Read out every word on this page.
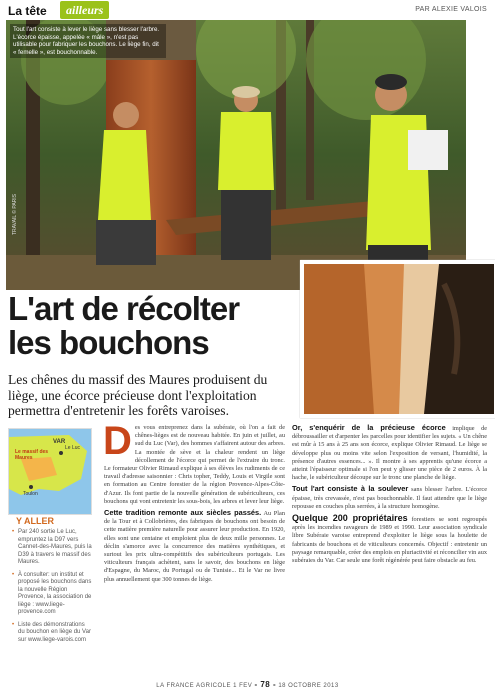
La tête	ailleurs	PAR ALEXIE VALOIS
Tout l'art consiste à lever le liège sans blesser l'arbre. L'écorce épaisse, appelée « mâle », n'est pas utilisable pour fabriquer les bouchons. Le liège fin, dit « femelle », est bouchonnable.
TRAVAIL © PARIS
L'art de récolter
les bouchons
Les chênes du massif des Maures produisent du liège, une écorce précieuse dont l'exploitation permettra d'entretenir les forêts varoises.
VAR
Le massif des Maures
Toulon
Le Luc
Y ALLER
• Par 240 sortie Le Luc, empruntez la D97 vers Cannet-des-Maures, puis la D39 à travers le massif des Maures.
• À consulter: un institut et proposé les bouchons dans la nouvelle Région Provence, la association de liège : www.liege-provence.com
• Liste des démonstrations du bouchon en liège du Var sur www.liege-varois.com

Des vous entreprenez dans la subéraie, où l'on a fait de chênes-lièges est de nouveau habitée. En juin et juillet, au sud du Luc (Var), des hommes s'affairent autour des arbres. La montée de sève et la chaleur rendent un liège décollement de l'écorce qui permet de l'extraire du tronc. Le formateur Olivier Rimaud explique à ses élèves les rudiments de ce travail d'adresse saisonnier : Chris topher, Teddy, Louis et Virgile sont en formation au Centre forestier de la région Provence-Alpes-Côte-d'Azur. Ils font partie de la nouvelle génération de subériculteurs, ces bouchons qui vont entretenir les sous-bois, les arbres et lever leur liège.

Cette tradition remonte aux siècles passés. Au Plan de la Tour et à Collobrières, des fabriques de bouchons ont besoin de cette matière première naturelle pour assurer leur production. En 1920, elles sont une centaine et emploient plus de deux mille personnes. Le déclin s'amorce avec la concurrence des matières synthétiques, et surtout les prix ultra-compétitifs des subériculteurs portugais. Les viticulteurs français achètent, sans le savoir, des bouchons en liège d'Espagne, du Maroc, du Portugal ou de Tunisie... Et le Var ne livre plus annuellement que 300 tonnes de liège.

Or, s'enquérir de la précieuse écorce implique de débroussailler et d'arpenter les parcelles pour identifier les sujets. « Un chêne est mûr à 15 ans à 25 ans son écorce, explique Olivier Rimaud. Le liège se développe plus ou moins vite selon l'exposition de versant, l'humidité, la présence d'autres essences... ». Il montre à ses apprentis qu'une écorce a atteint l'épaisseur optimale si l'on peut y glisser une pièce de 2 euros. À la hache, le subériculteur découpe sur le tronc une planche de liège.

Tout l'art consiste à la soulever sans blesser l'arbre. L'écorce épaisse, très crevassée, n'est pas bouchonnable. Il faut attendre que le liège repousse en couches plus serrées, à la structure homogène.

Quelque 200 propriétaires forestiers se sont regroupés après les incendies ravageurs de 1989 et 1990. Leur association syndicale libre Subéraie varoise entreprend d'exploiter le liège sous la houlette de fabricants de bouchons et de viticulteurs concernés. Objectif : entretenir un paysage remarquable, créer des emplois en pluriactivité et réconcilier vin aux subéraies du Var. Car seule une forêt régénérée peut faire obstacle au feu.

LA FRANCE AGRICOLE 1 FEV - 78 - 18 OCTOBRE 2013
